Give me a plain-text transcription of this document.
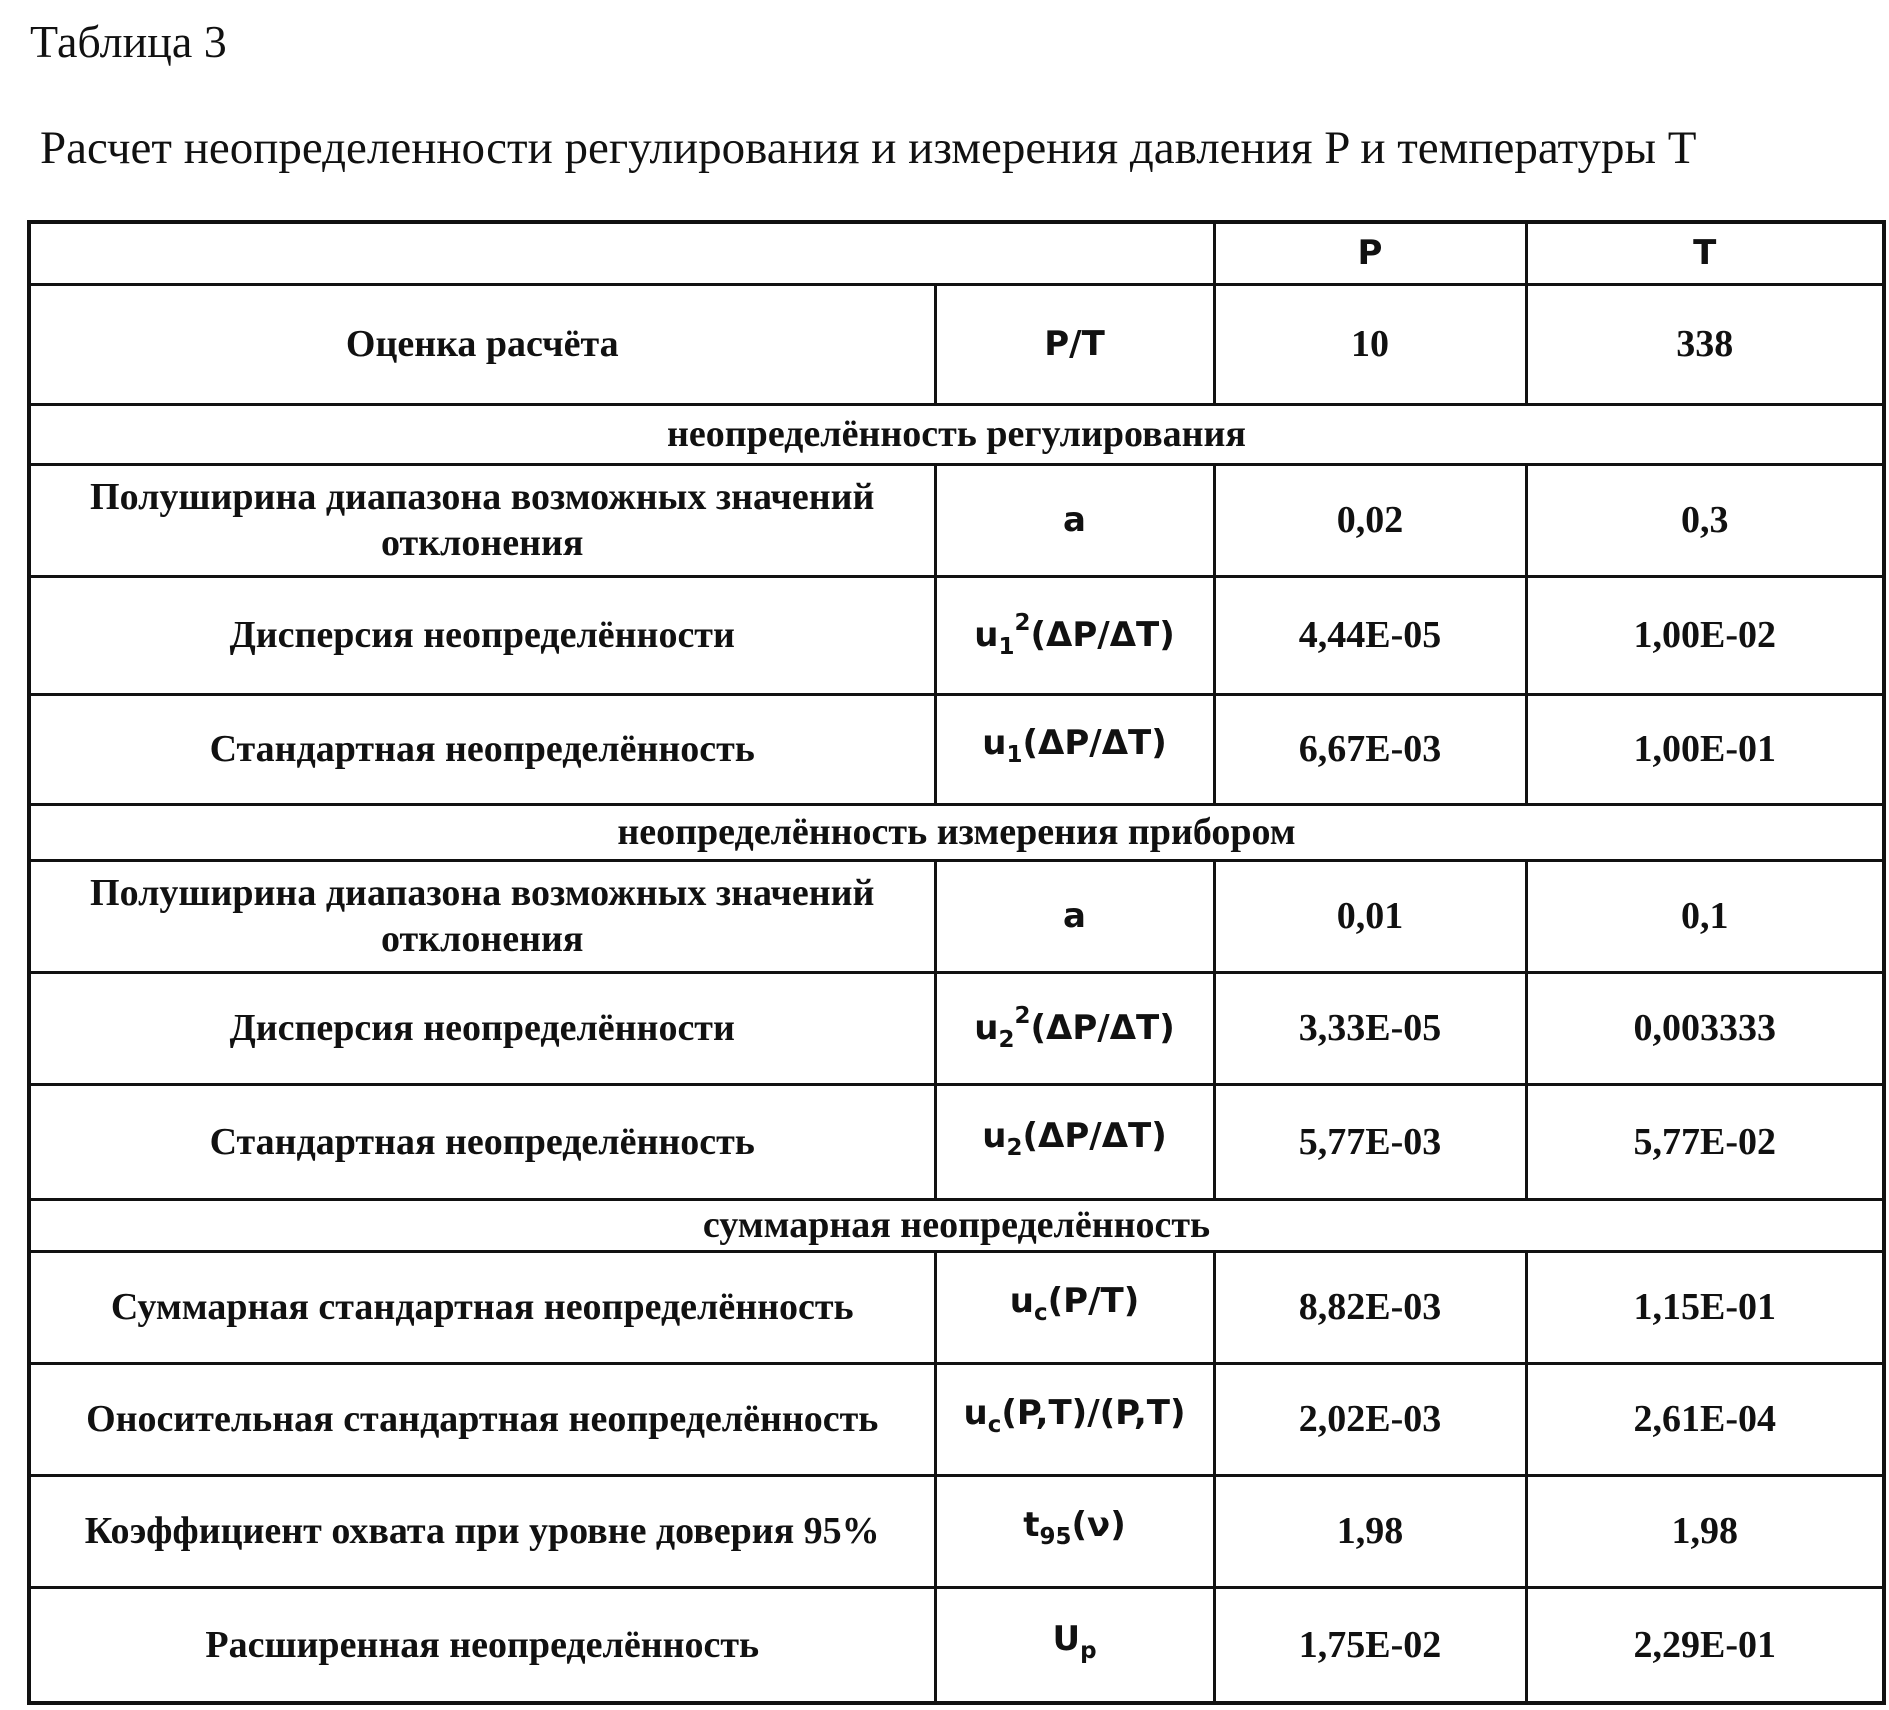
Таблица 3
Расчет неопределенности регулирования и измерения давления P и температуры T
		P	T
Оценка расчёта	P/T	10	338
неопределённость регулирования			
Полуширина диапазона возможных значений отклонения	a	0,02	0,3
Дисперсия неопределённости	$u_1^2(\Delta P/\Delta T)$	4,44E-05	1,00E-02
Стандартная неопределённость	$u_1(\Delta P/\Delta T)$	6,67E-03	1,00E-01
неопределённость измерения прибором			
Полуширина диапазона возможных значений отклонения	a	0,01	0,1
Дисперсия неопределённости	$u_2^2(\Delta P/\Delta T)$	3,33E-05	0,003333
Стандартная неопределённость	$u_2(\Delta P/\Delta T)$	5,77E-03	5,77E-02
суммарная неопределённость			
Суммарная стандартная неопределённость	$u_c(P/T)$	8,82E-03	1,15E-01
Оносительная стандартная неопределённость	$u_c(P,T)/(P,T)$	2,02E-03	2,61E-04
Коэффициент охвата при уровне доверия 95%	$t_{95}(\nu)$	1,98	1,98
Расширенная неопределённость	$U_p$	1,75E-02	2,29E-01
